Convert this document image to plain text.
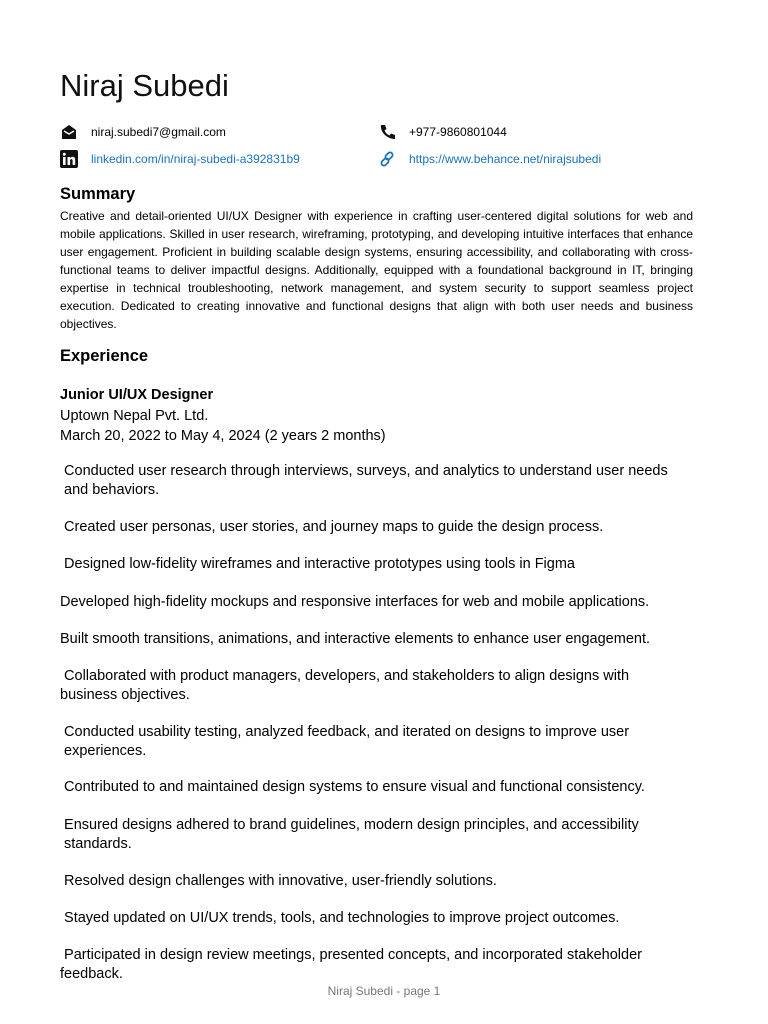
Niraj Subedi
niraj.subedi7@gmail.com	+977-9860801044
linkedin.com/in/niraj-subedi-a392831b9	https://www.behance.net/nirajsubedi
Summary

Creative and detail-oriented UI/UX Designer with experience in crafting user-centered digital solutions for web and mobile applications. Skilled in user research, wireframing, prototyping, and developing intuitive interfaces that enhance user engagement. Proficient in building scalable design systems, ensuring accessibility, and collaborating with cross-functional teams to deliver impactful designs. Additionally, equipped with a foundational background in IT, bringing expertise in technical troubleshooting, network management, and system security to support seamless project execution. Dedicated to creating innovative and functional designs that align with both user needs and business objectives.

Experience
Junior UI/UX Designer
Uptown Nepal Pvt. Ltd.
March 20, 2022 to May 4, 2024 (2 years 2 months)

Conducted user research through interviews, surveys, and analytics to understand user needs
and behaviors.

Created user personas, user stories, and journey maps to guide the design process.

Designed low-fidelity wireframes and interactive prototypes using tools in Figma

Developed high-fidelity mockups and responsive interfaces for web and mobile applications.

Built smooth transitions, animations, and interactive elements to enhance user engagement.

Collaborated with product managers, developers, and stakeholders to align designs with
business objectives.

Conducted usability testing, analyzed feedback, and iterated on designs to improve user
experiences.

Contributed to and maintained design systems to ensure visual and functional consistency.

Ensured designs adhered to brand guidelines, modern design principles, and accessibility
standards.

Resolved design challenges with innovative, user-friendly solutions.

Stayed updated on UI/UX trends, tools, and technologies to improve project outcomes.

Participated in design review meetings, presented concepts, and incorporated stakeholder
feedback.

Niraj Subedi - page 1
